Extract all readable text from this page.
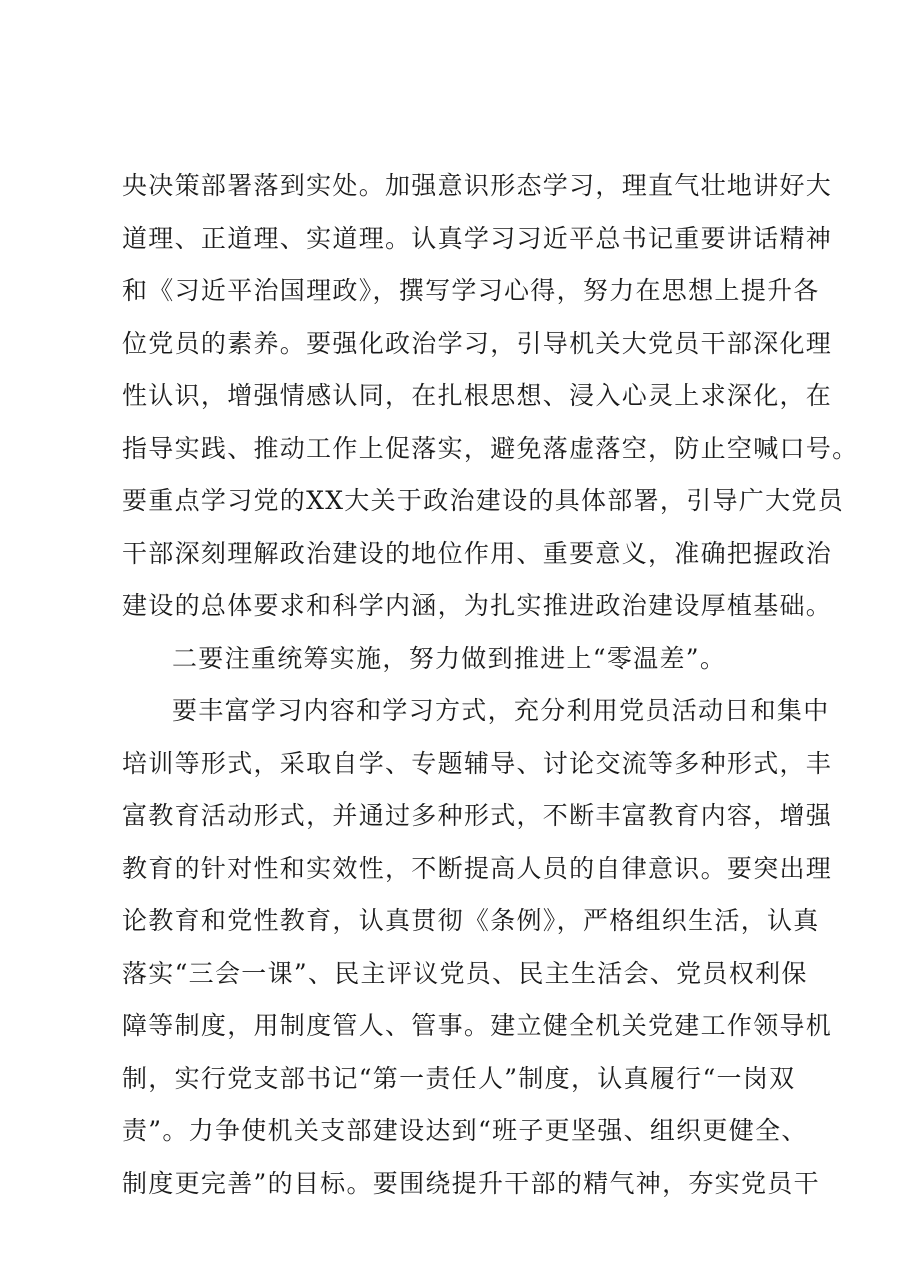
央决策部署落到实处。加强意识形态学习，理直气壮地讲好大
道理、正道理、实道理。认真学习习近平总书记重要讲话精神
和《习近平治国理政》，撰写学习心得，努力在思想上提升各
位党员的素养。要强化政治学习，引导机关大党员干部深化理
性认识，增强情感认同，在扎根思想、浸入心灵上求深化，在
指导实践、推动工作上促落实，避免落虚落空，防止空喊口号。
要重点学习党的XX大关于政治建设的具体部署，引导广大党员
干部深刻理解政治建设的地位作用、重要意义，准确把握政治
建设的总体要求和科学内涵，为扎实推进政治建设厚植基础。
二要注重统筹实施，努力做到推进上“零温差”。
要丰富学习内容和学习方式，充分利用党员活动日和集中
培训等形式，采取自学、专题辅导、讨论交流等多种形式，丰
富教育活动形式，并通过多种形式，不断丰富教育内容，增强
教育的针对性和实效性，不断提高人员的自律意识。要突出理
论教育和党性教育，认真贯彻《条例》，严格组织生活，认真
落实“三会一课”、民主评议党员、民主生活会、党员权利保
障等制度，用制度管人、管事。建立健全机关党建工作领导机
制，实行党支部书记“第一责任人”制度，认真履行“一岗双
责”。力争使机关支部建设达到“班子更坚强、组织更健全、
制度更完善”的目标。要围绕提升干部的精气神，夯实党员干
